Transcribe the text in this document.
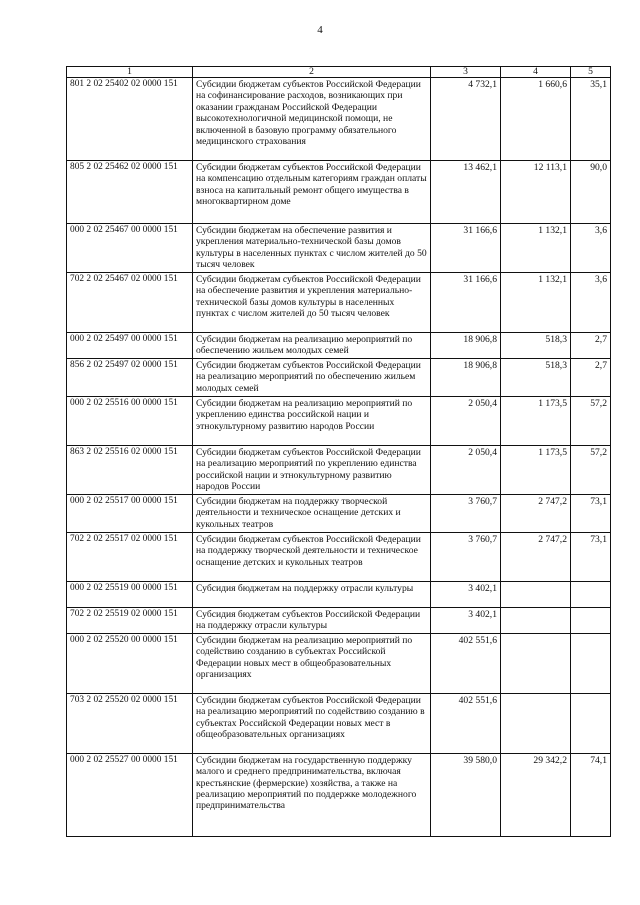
4
1	2	3	4	5
801 2 02 25402 02 0000 151	Субсидии бюджетам субъектов Российской Федерации на софинансирование расходов, возникающих при оказании гражданам Российской Федерации высокотехнологичной медицинской помощи, не включенной в базовую программу обязательного медицинского страхования	4 732,1	1 660,6	35,1
805 2 02 25462 02 0000 151	Субсидии бюджетам субъектов Российской Федерации на компенсацию отдельным категориям граждан оплаты взноса на капитальный ремонт общего имущества в многоквартирном доме	13 462,1	12 113,1	90,0
000 2 02 25467 00 0000 151	Субсидии бюджетам на обеспечение развития и укрепления материально-технической базы домов культуры в населенных пунктах с числом жителей до 50 тысяч человек	31 166,6	1 132,1	3,6
702 2 02 25467 02 0000 151	Субсидии бюджетам субъектов Российской Федерации на обеспечение развития и укрепления материально-технической базы домов культуры в населенных пунктах с числом жителей до 50 тысяч человек	31 166,6	1 132,1	3,6
000 2 02 25497 00 0000 151	Субсидии бюджетам на реализацию мероприятий по обеспечению жильем молодых семей	18 906,8	518,3	2,7
856 2 02 25497 02 0000 151	Субсидии бюджетам субъектов Российской Федерации на реализацию мероприятий по обеспечению жильем молодых семей	18 906,8	518,3	2,7
000 2 02 25516 00 0000 151	Субсидии бюджетам на реализацию мероприятий по укреплению единства российской нации и этнокультурному развитию народов России	2 050,4	1 173,5	57,2
863 2 02 25516 02 0000 151	Субсидии бюджетам субъектов Российской Федерации на реализацию мероприятий по укреплению единства российской нации и этнокультурному развитию народов России	2 050,4	1 173,5	57,2
000 2 02 25517 00 0000 151	Субсидии бюджетам на поддержку творческой деятельности и техническое оснащение детских и кукольных театров	3 760,7	2 747,2	73,1
702 2 02 25517 02 0000 151	Субсидии бюджетам субъектов Российской Федерации на поддержку творческой деятельности и техническое оснащение детских и кукольных театров	3 760,7	2 747,2	73,1
000 2 02 25519 00 0000 151	Субсидия бюджетам на поддержку отрасли культуры	3 402,1		
702 2 02 25519 02 0000 151	Субсидия бюджетам субъектов Российской Федерации на поддержку отрасли культуры	3 402,1		
000 2 02 25520 00 0000 151	Субсидии бюджетам на реализацию мероприятий по содействию созданию в субъектах Российской Федерации новых мест в общеобразовательных организациях	402 551,6		
703 2 02 25520 02 0000 151	Субсидии бюджетам субъектов Российской Федерации на реализацию мероприятий по содействию созданию в субъектах Российской Федерации новых мест в общеобразовательных организациях	402 551,6		
000 2 02 25527 00 0000 151	Субсидии бюджетам на государственную поддержку малого и среднего предпринимательства, включая крестьянские (фермерские) хозяйства, а также на реализацию мероприятий по поддержке молодежного предпринимательства	39 580,0	29 342,2	74,1
